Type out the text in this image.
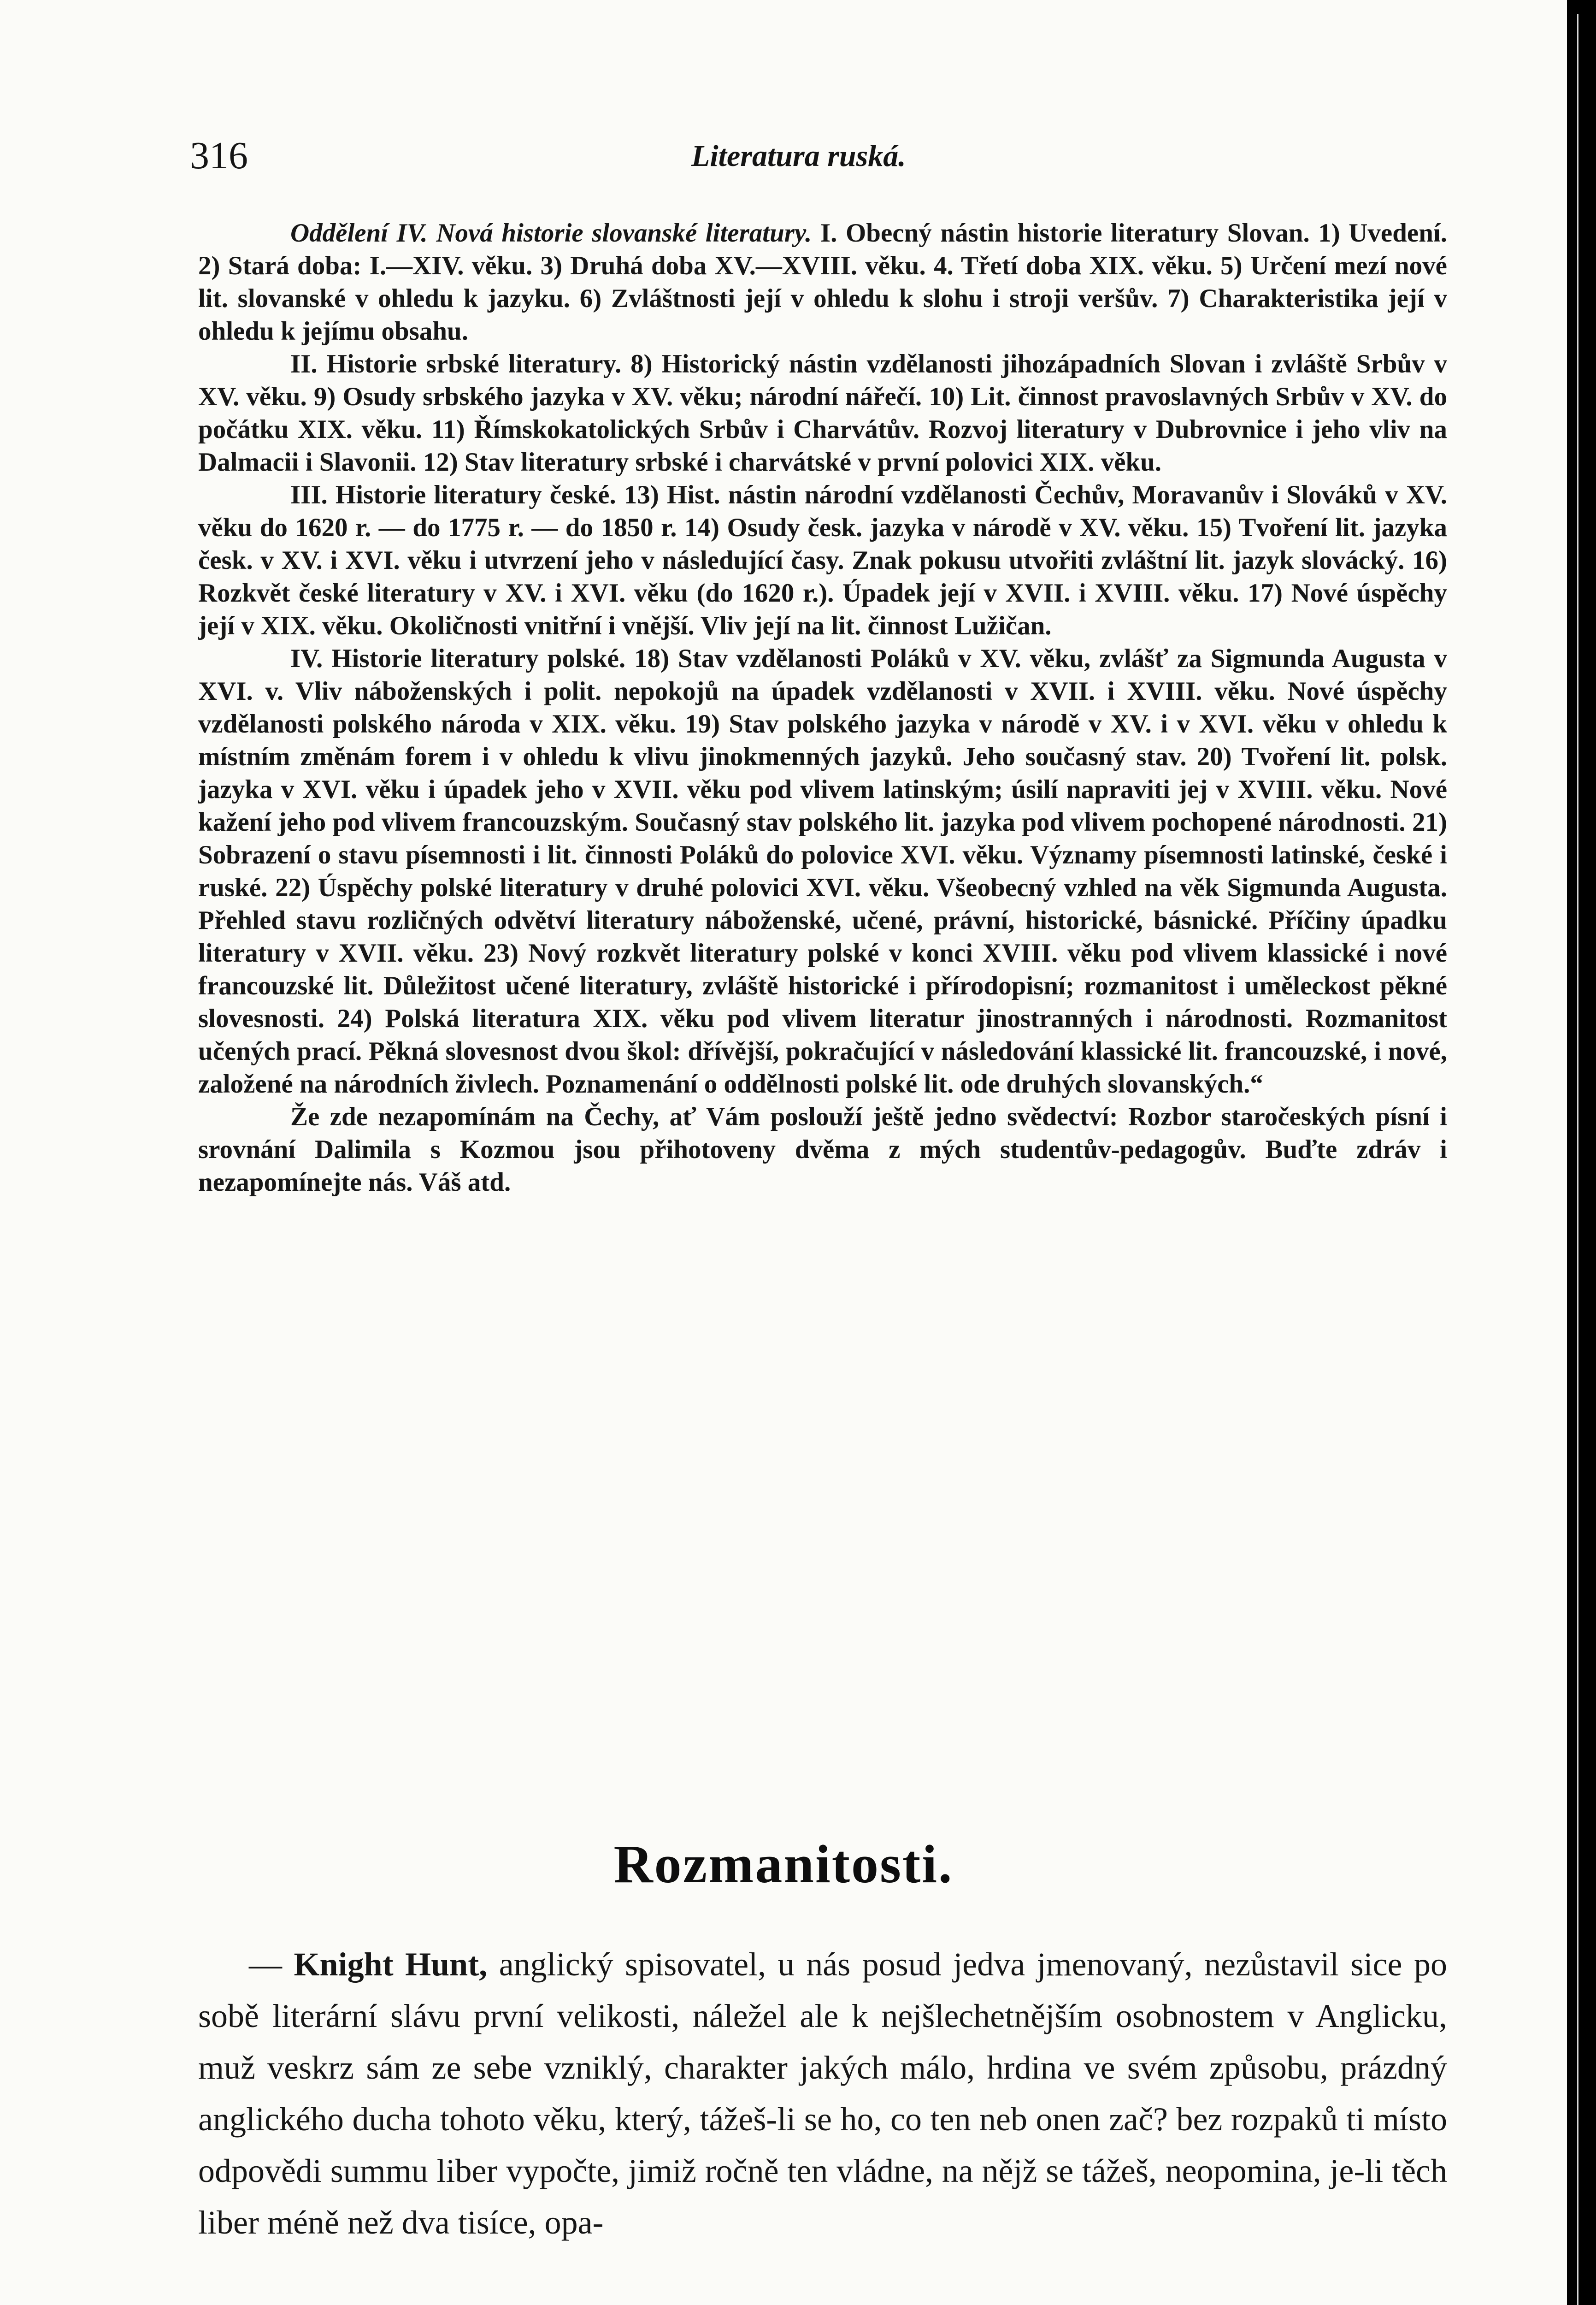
316	Literatura ruská.

Oddělení IV. Nová historie slovanské literatury. I. Obecný nástin historie literatury Slovan. 1) Uvedení. 2) Stará doba: I.—XIV. věku. 3) Druhá doba XV.—XVIII. věku. 4. Třetí doba XIX. věku. 5) Určení mezí nové lit. slovanské v ohledu k jazyku. 6) Zvláštnosti její v ohledu k slohu i stroji veršův. 7) Charakteristika její v ohledu k jejímu obsahu.

II. Historie srbské literatury. 8) Historický nástin vzdělanosti jihozápadních Slovan i zvláště Srbův v XV. věku. 9) Osudy srbského jazyka v XV. věku; národní nářečí. 10) Lit. činnost pravoslavných Srbův v XV. do počátku XIX. věku. 11) Římskokatolických Srbův i Charvátův. Rozvoj literatury v Dubrovnice i jeho vliv na Dalmacii i Slavonii. 12) Stav literatury srbské i charvátské v první polovici XIX. věku.

III. Historie literatury české. 13) Hist. nástin národní vzdělanosti Čechův, Moravanův i Slováků v XV. věku do 1620 r. — do 1775 r. — do 1850 r. 14) Osudy česk. jazyka v národě v XV. věku. 15) Tvoření lit. jazyka česk. v XV. i XVI. věku i utvrzení jeho v následující časy. Znak pokusu utvořiti zvláštní lit. jazyk slovácký. 16) Rozkvět české literatury v XV. i XVI. věku (do 1620 r.). Úpadek její v XVII. i XVIII. věku. 17) Nové úspěchy její v XIX. věku. Okoličnosti vnitřní i vnější. Vliv její na lit. činnost Lužičan.

IV. Historie literatury polské. 18) Stav vzdělanosti Poláků v XV. věku, zvlášť za Sigmunda Augusta v XVI. v. Vliv náboženských i polit. nepokojů na úpadek vzdělanosti v XVII. i XVIII. věku. Nové úspěchy vzdělanosti polského národa v XIX. věku. 19) Stav polského jazyka v národě v XV. i v XVI. věku v ohledu k místním změnám forem i v ohledu k vlivu jinokmenných jazyků. Jeho současný stav. 20) Tvoření lit. polsk. jazyka v XVI. věku i úpadek jeho v XVII. věku pod vlivem latinským; úsilí napraviti jej v XVIII. věku. Nové kažení jeho pod vlivem francouzským. Současný stav polského lit. jazyka pod vlivem pochopené národnosti. 21) Sobrazení o stavu písemnosti i lit. činnosti Poláků do polovice XVI. věku. Významy písemnosti latinské, české i ruské. 22) Úspěchy polské literatury v druhé polovici XVI. věku. Všeobecný vzhled na věk Sigmunda Augusta. Přehled stavu rozličných odvětví literatury náboženské, učené, právní, historické, básnické. Příčiny úpadku literatury v XVII. věku. 23) Nový rozkvět literatury polské v konci XVIII. věku pod vlivem klassické i nové francouzské lit. Důležitost učené literatury, zvláště historické i přírodopisní; rozmanitost i uměleckost pěkné slovesnosti. 24) Polská literatura XIX. věku pod vlivem literatur jinostranných i národnosti. Rozmanitost učených prací. Pěkná slovesnost dvou škol: dřívější, pokračující v následování klassické lit. francouzské, i nové, založené na národních živlech. Poznamenání o oddělnosti polské lit. ode druhých slovanských.“

Že zde nezapomínám na Čechy, ať Vám poslouží ještě jedno svědectví: Rozbor staročeských písní i srovnání Dalimila s Kozmou jsou přihotoveny dvěma z mých studentův-pedagogův. Buďte zdráv i nezapomínejte nás. Váš atd.

Rozmanitosti.

— Knight Hunt, anglický spisovatel, u nás posud jedva jmenovaný, nezůstavil sice po sobě literární slávu první velikosti, náležel ale k nejšlechetnějším osobnostem v Anglicku, muž veskrz sám ze sebe vzniklý, charakter jakých málo, hrdina ve svém způsobu, prázdný anglického ducha tohoto věku, který, tážeš-li se ho, co ten neb onen zač? bez rozpaků ti místo odpovědi summu liber vypočte, jimiž ročně ten vládne, na nějž se tážeš, neopomina, je-li těch liber méně než dva tisíce, opa-
